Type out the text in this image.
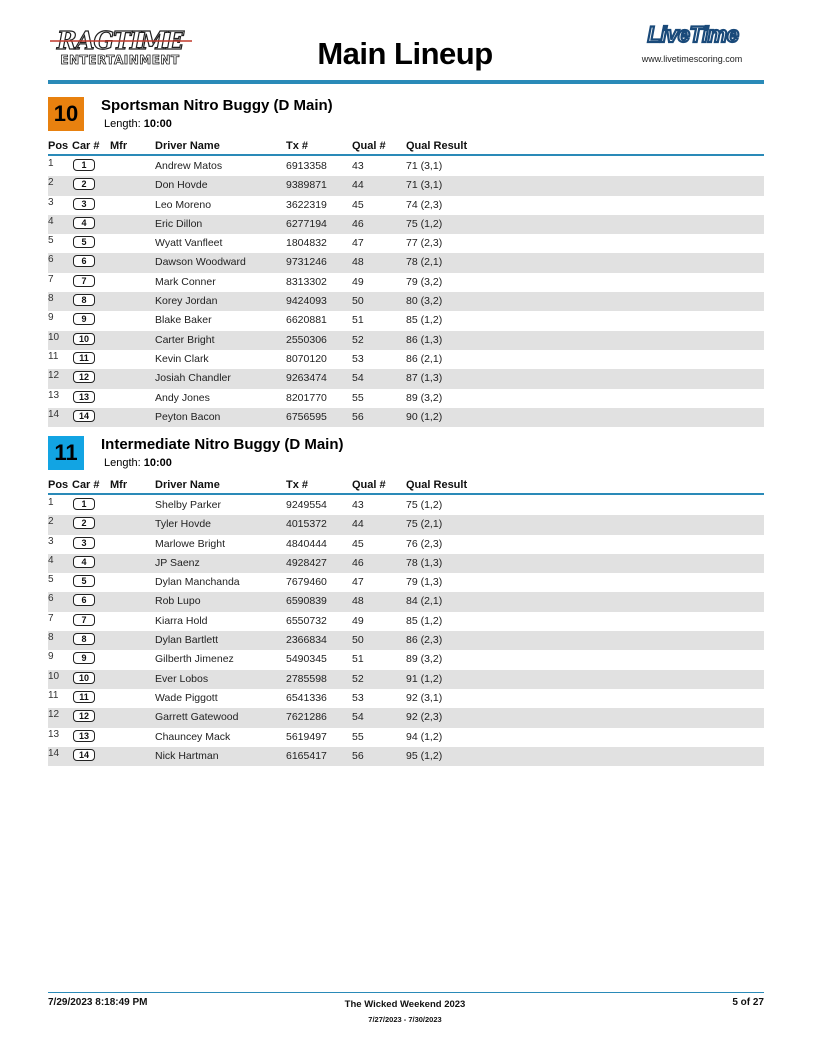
RAGTIME
ENTERTAINMENT	Main Lineup
LiveTime
www.livetimescoring.com
10	Sportsman Nitro Buggy (D Main)
Length: 10:00
Pos Car # Mfr	Driver Name	Tx #	Qual # Qual Result
1	1	Andrew Matos	6913358 43	71 (3,1)
2	2	Don Hovde	9389871 44	71 (3,1)
3	3	Leo Moreno	3622319 45	74 (2,3)
4	4	Eric Dillon	6277194 46	75 (1,2)
5	5	Wyatt Vanfleet	1804832 47	77 (2,3)
6	6	Dawson Woodward	9731246 48	78 (2,1)
7	7	Mark Conner	8313302 49	79 (3,2)
8	8	Korey Jordan	9424093 50	80 (3,2)
9	9	Blake Baker	6620881 51	85 (1,2)
10	10	Carter Bright	2550306 52	86 (1,3)
11	11	Kevin Clark	8070120 53	86 (2,1)
12	12	Josiah Chandler	9263474 54	87 (1,3)
13	13	Andy Jones	8201770 55	89 (3,2)
14	14	Peyton Bacon	6756595 56	90 (1,2)
11	Intermediate Nitro Buggy (D Main)
Length: 10:00
Pos Car # Mfr	Driver Name	Tx #	Qual # Qual Result
1	1	Shelby Parker	9249554 43	75 (1,2)
2	2	Tyler Hovde	4015372 44	75 (2,1)
3	3	Marlowe Bright	4840444 45	76 (2,3)
4	4	JP Saenz	4928427 46	78 (1,3)
5	5	Dylan Manchanda	7679460 47	79 (1,3)
6	6	Rob Lupo	6590839 48	84 (2,1)
7	7	Kiarra Hold	6550732 49	85 (1,2)
8	8	Dylan Bartlett	2366834 50	86 (2,3)
9	9	Gilberth Jimenez	5490345 51	89 (3,2)
10	10	Ever Lobos	2785598 52	91 (1,2)
11	11	Wade Piggott	6541336 53	92 (3,1)
12	12	Garrett Gatewood	7621286 54	92 (2,3)
13	13	Chauncey Mack	5619497 55	94 (1,2)
14	14	Nick Hartman	6165417 56	95 (1,2)
7/29/2023 8:18:49 PM	The Wicked Weekend 2023
7/27/2023 - 7/30/2023
5 of 27
